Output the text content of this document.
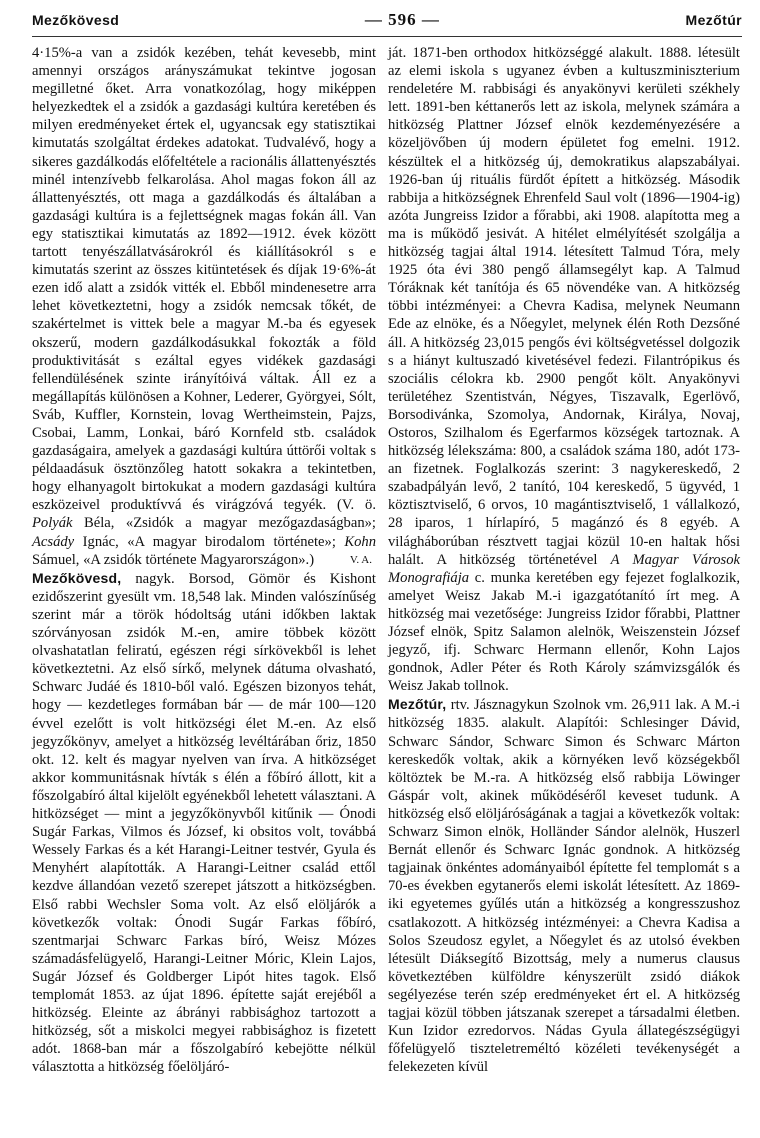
Mezőkövesd	— 596 —	Mezőtúr

4·15%-a van a zsidók kezében, tehát kevesebb, mint amennyi országos arányszámukat tekintve jogosan megilletné őket. Arra vonatkozólag, hogy miképpen helyezkedtek el a zsidók a gazdasági kultúra keretében és milyen eredményeket értek el, ugyancsak egy statisztikai kimutatás szolgáltat érdekes adatokat. Tudvalévő, hogy a sikeres gazdálkodás előfeltétele a racionális állattenyésztés minél intenzívebb felkarolása. Ahol magas fokon áll az állattenyésztés, ott maga a gazdálkodás és általában a gazdasági kultúra is a fejlettségnek magas fokán áll. Van egy statisztikai kimutatás az 1892—1912. évek között tartott tenyészállatvásárokról és kiállításokról s e kimutatás szerint az összes kitüntetések és díjak 19·6%-át ezen idő alatt a zsidók vitték el. Ebből mindenesetre arra lehet következtetni, hogy a zsidók nemcsak tőkét, de szakértelmet is vittek bele a magyar M.-ba és egyesek okszerű, modern gazdálkodásukkal fokozták a föld produktivitását s ezáltal egyes vidékek gazdasági fellendülésének szinte irányítóivá váltak. Áll ez a megállapítás különösen a Kohner, Lederer, Györgyei, Sólt, Sváb, Kuffler, Kornstein, lovag Wertheimstein, Pajzs, Csobai, Lamm, Lonkai, báró Kornfeld stb. családok gazdaságaira, amelyek a gazdasági kultúra úttörői voltak s példaadásuk ösztönzőleg hatott sokakra a tekintetben, hogy elhanyagolt birtokukat a modern gazdasági kultúra eszközeivel produktívvá és virágzóvá tegyék. (V. ö. Polyák Béla, «Zsidók a magyar mezőgazdaságban»; Acsády Ignác, «A magyar birodalom története»; Kohn Sámuel, «A zsidók története Magyarországon».)	V. A.

Mezőkövesd, nagyk. Borsod, Gömör és Kishont ezidőszerint gyesült vm. 18,548 lak. Minden valószínűség szerint már a török hódoltság utáni időkben laktak szórványosan zsidók M.-en, amire többek között olvashatatlan feliratú, egészen régi sírkövekből is lehet következtetni. Az első sírkő, melynek dátuma olvasható, Schwarc Judáé és 1810-ből való. Egészen bizonyos tehát, hogy — kezdetleges formában bár — de már 100—120 évvel ezelőtt is volt hitközségi élet M.-en. Az első jegyzőkönyv, amelyet a hitközség levéltárában őriz, 1850 okt. 12. kelt és magyar nyelven van írva. A hitközséget akkor kommunitásnak hívták s élén a főbíró állott, kit a főszolgabíró által kijelölt egyénekből lehetett választani. A hitközséget — mint a jegyzőkönyvből kitűnik — Ónodi Sugár Farkas, Vilmos és József, ki obsitos volt, továbbá Wessely Farkas és a két Harangi-Leitner testvér, Gyula és Menyhért alapították. A Harangi-Leitner család ettől kezdve állandóan vezető szerepet játszott a hitközségben. Első rabbi Wechsler Soma volt. Az első elöljárók a következők voltak: Ónodi Sugár Farkas főbíró, szentmarjai Schwarc Farkas bíró, Weisz Mózes számadásfelügyelő, Harangi-Leitner Móric, Klein Lajos, Sugár József és Goldberger Lipót hites tagok. Első templomát 1853. az újat 1896. építette saját erejéből a hitközség. Eleinte az ábrányi rabbisághoz tartozott a hitközség, sőt a miskolci megyei rabbisághoz is fizetett adót. 1868-ban már a főszolgabíró kebejötte nélkül választotta a hitközség főelöljáró-

ját. 1871-ben orthodox hitközséggé alakult. 1888. létesült az elemi iskola s ugyanez évben a kultuszminiszterium rendeletére M. rabbisági és anyakönyvi kerületi székhely lett. 1891-ben kéttanerős lett az iskola, melynek számára a hitközség Plattner József elnök kezdeményezésére a közeljövőben új modern épületet fog emelni. 1912. készültek el a hitközség új, demokratikus alapszabályai. 1926-ban új rituális fürdőt épített a hitközség. Második rabbija a hitközségnek Ehrenfeld Saul volt (1896—1904-ig) azóta Jungreiss Izidor a főrabbi, aki 1908. alapította meg a ma is működő jesivát. A hitélet elmélyítését szolgálja a hitközség tagjai által 1914. létesített Talmud Tóra, mely 1925 óta évi 380 pengő államsegélyt kap. A Talmud Tóráknak két tanítója és 65 növendéke van. A hitközség többi intézményei: a Chevra Kadisa, melynek Neumann Ede az elnöke, és a Nőegylet, melynek élén Roth Dezsőné áll. A hitközség 23,015 pengős évi költségvetéssel dolgozik s a hiányt kultuszadó kivetésével fedezi. Filantrópikus és szociális célokra kb. 2900 pengőt költ. Anyakönyvi területéhez Szentistván, Négyes, Tiszavalk, Egerlövő, Borsodivánka, Szomolya, Andornak, Királya, Novaj, Ostoros, Szilhalom és Egerfarmos községek tartoznak. A hitközség lélekszáma: 800, a családok száma 180, adót 173-an fizetnek. Foglalkozás szerint: 3 nagykereskedő, 2 szabadpályán levő, 2 tanító, 104 kereskedő, 5 ügyvéd, 1 köztisztviselő, 6 orvos, 10 magántisztviselő, 1 vállalkozó, 28 iparos, 1 hírlapíró, 5 magánzó és 8 egyéb. A világháborúban résztvett tagjai közül 10-en haltak hősi halált. A hitközség történetével A Magyar Városok Monografiája c. munka keretében egy fejezet foglalkozik, amelyet Weisz Jakab M.-i igazgatótanító írt meg. A hitközség mai vezetősége: Jungreiss Izidor főrabbi, Plattner József elnök, Spitz Salamon alelnök, Weiszenstein József jegyző, ifj. Schwarc Hermann ellenőr, Kohn Lajos gondnok, Adler Péter és Roth Károly számvizsgálók és Weisz Jakab tollnok.

Mezőtúr, rtv. Jásznagykun Szolnok vm. 26,911 lak. A M.-i hitközség 1835. alakult. Alapítói: Schlesinger Dávid, Schwarc Sándor, Schwarc Simon és Schwarc Márton kereskedők voltak, akik a környéken levő községekből költöztek be M.-ra. A hitközség első rabbija Löwinger Gáspár volt, akinek működéséről keveset tudunk. A hitközség első elöljáróságának a tagjai a következők voltak: Schwarz Simon elnök, Holländer Sándor alelnök, Huszerl Bernát ellenőr és Schwarc Ignác gondnok. A hitközség tagjainak önkéntes adományaiból építette fel templomát s a 70-es években egytanerős elemi iskolát létesített. Az 1869-iki egyetemes gyűlés után a hitközség a kongresszushoz csatlakozott. A hitközség intézményei: a Chevra Kadisa a Solos Szeudosz egylet, a Nőegylet és az utolsó években létesült Diáksegítő Bizottság, mely a numerus clausus következtében külföldre kényszerült zsidó diákok segélyezése terén szép eredményeket ért el. A hitközség tagjai közül többen játszanak szerepet a társadalmi életben. Kun Izidor ezredorvos. Nádas Gyula állategészségügyi főfelügyelő tiszteletreméltó közéleti tevékenységét a felekezeten kívül
